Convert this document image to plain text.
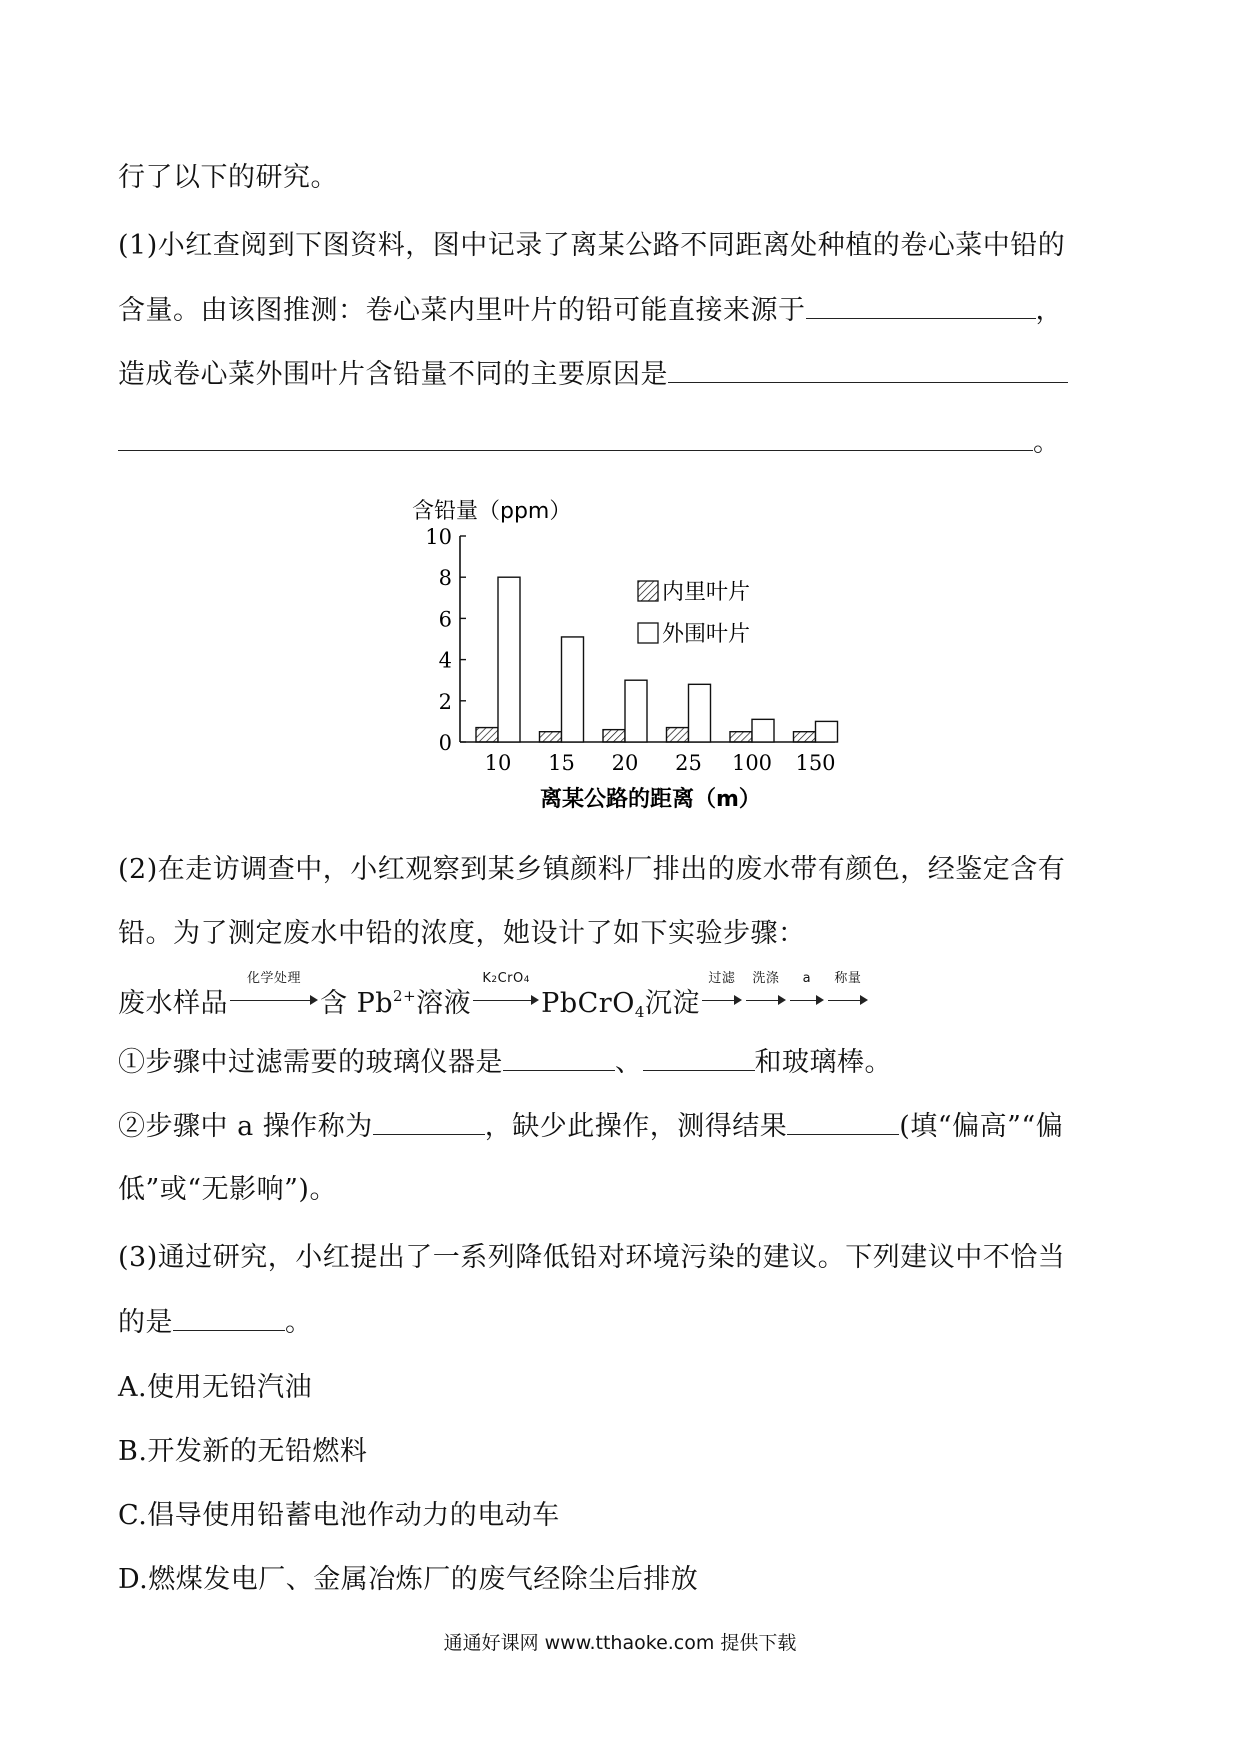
行了以下的研究。
(1)小红查阅到下图资料，图中记录了离某公路不同距离处种植的卷心菜中铅的
含量。由该图推测：卷心菜内里叶片的铅可能直接来源于	，
造成卷心菜外围叶片含铅量不同的主要原因是
。
含铅量（ppm）
0
2
4
6
8
10
10 15 20 25 100 150
内里叶片
外围叶片
离某公路的距离（m）
(2)在走访调查中，小红观察到某乡镇颜料厂排出的废水带有颜色，经鉴定含有
铅。为了测定废水中铅的浓度，她设计了如下实验步骤：
废水样品
化学处理
含 $Pb^{2+}$溶液
K2CrO4
PbCrO$_4$沉淀
过滤	洗涤	a	称量
①步骤中过滤需要的玻璃仪器是	、	和玻璃棒。
②步骤中 a 操作称为	，缺少此操作，测得结果	(填“偏高”“偏
低”或“无影响”)。
(3)通过研究，小红提出了一系列降低铅对环境污染的建议。下列建议中不恰当
的是	。
A.使用无铅汽油
B.开发新的无铅燃料
C.倡导使用铅蓄电池作动力的电动车
D.燃煤发电厂、金属冶炼厂的废气经除尘后排放
通通好课网 www.tthaoke.com 提供下载
